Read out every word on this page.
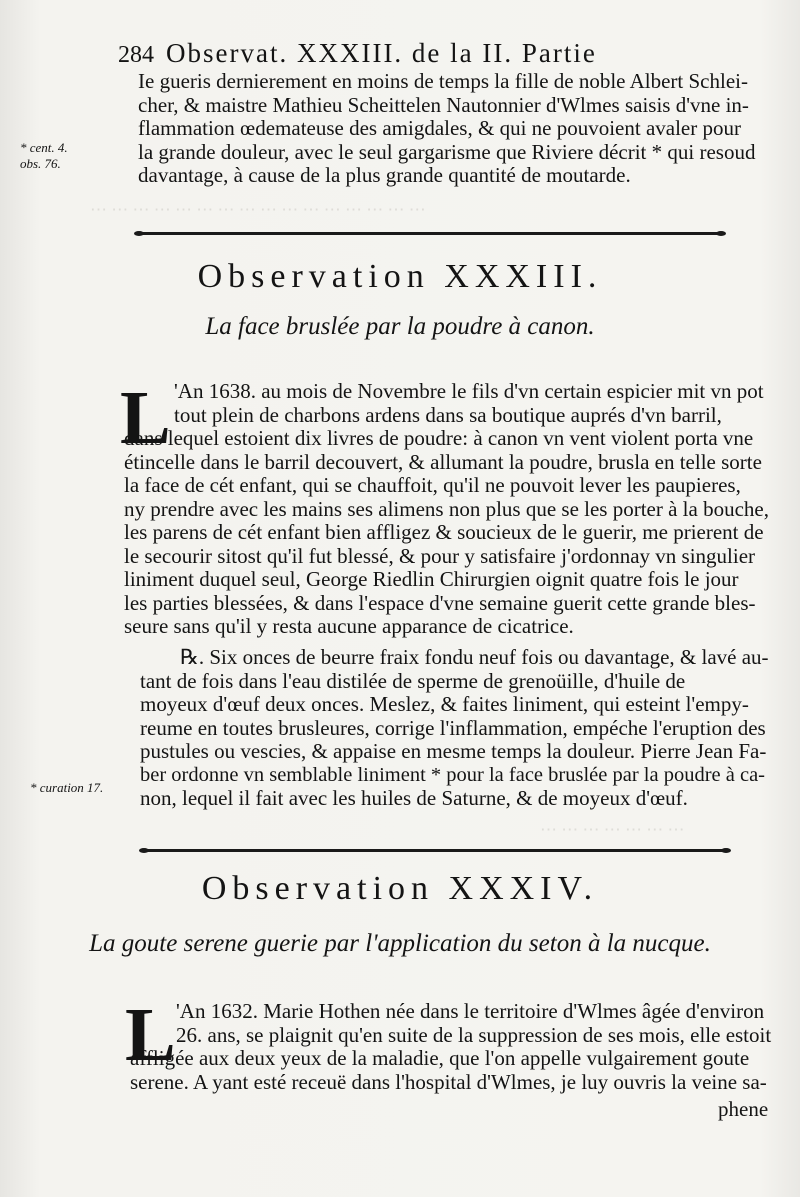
⋯ ⋯ ⋯ ⋯ ⋯ ⋯ ⋯ ⋯ ⋯ ⋯ ⋯ ⋯ ⋯ ⋯ ⋯ ⋯
⋯ ⋯ ⋯ ⋯ ⋯ ⋯ ⋯
284 Observat. XXXIII. de la II. Partie
* cent. 4.
obs. 76.
Ie gueris dernierement en moins de temps la fille de noble Albert Schlei-
cher, & maistre Mathieu Scheittelen Nautonnier d'Wlmes saisis d'vne in-
flammation œdemateuse des amigdales, & qui ne pouvoient avaler pour
la grande douleur, avec le seul gargarisme que Riviere décrit * qui resoud
davantage, à cause de la plus grande quantité de moutarde.
Observation XXXIII.
La face bruslée par la poudre à canon.
L 'An 1638. au mois de Novembre le fils d'vn certain espicier mit vn pot
tout plein de charbons ardens dans sa boutique auprés d'vn barril,
dans lequel estoient dix livres de poudre: à canon vn vent violent porta vne
étincelle dans le barril decouvert, & allumant la poudre, brusla en telle sorte
la face de cét enfant, qui se chauffoit, qu'il ne pouvoit lever les paupieres,
ny prendre avec les mains ses alimens non plus que se les porter à la bouche,
les parens de cét enfant bien affligez & soucieux de le guerir, me prierent de
le secourir sitost qu'il fut blessé, & pour y satisfaire j'ordonnay vn singulier
liniment duquel seul, George Riedlin Chirurgien oignit quatre fois le jour
les parties blessées, & dans l'espace d'vne semaine guerit cette grande bles-
seure sans qu'il y resta aucune apparance de cicatrice.
℞. Six onces de beurre fraix fondu neuf fois ou davantage, & lavé au-
tant de fois dans l'eau distilée de sperme de grenoüille, d'huile de
moyeux d'œuf deux onces. Meslez, & faites liniment, qui esteint l'empy-
reume en toutes brusleures, corrige l'inflammation, empéche l'eruption des
pustules ou vescies, & appaise en mesme temps la douleur. Pierre Jean Fa-
ber ordonne vn semblable liniment * pour la face bruslée par la poudre à ca-
non, lequel il fait avec les huiles de Saturne, & de moyeux d'œuf.
* curation 17.
Observation XXXIV.
La goute serene guerie par l'application du seton à la nucque.
L 'An 1632. Marie Hothen née dans le territoire d'Wlmes âgée d'environ
26. ans, se plaignit qu'en suite de la suppression de ses mois, elle estoit
affligée aux deux yeux de la maladie, que l'on appelle vulgairement goute
serene. A yant esté receuë dans l'hospital d'Wlmes, je luy ouvris la veine sa-
phene
